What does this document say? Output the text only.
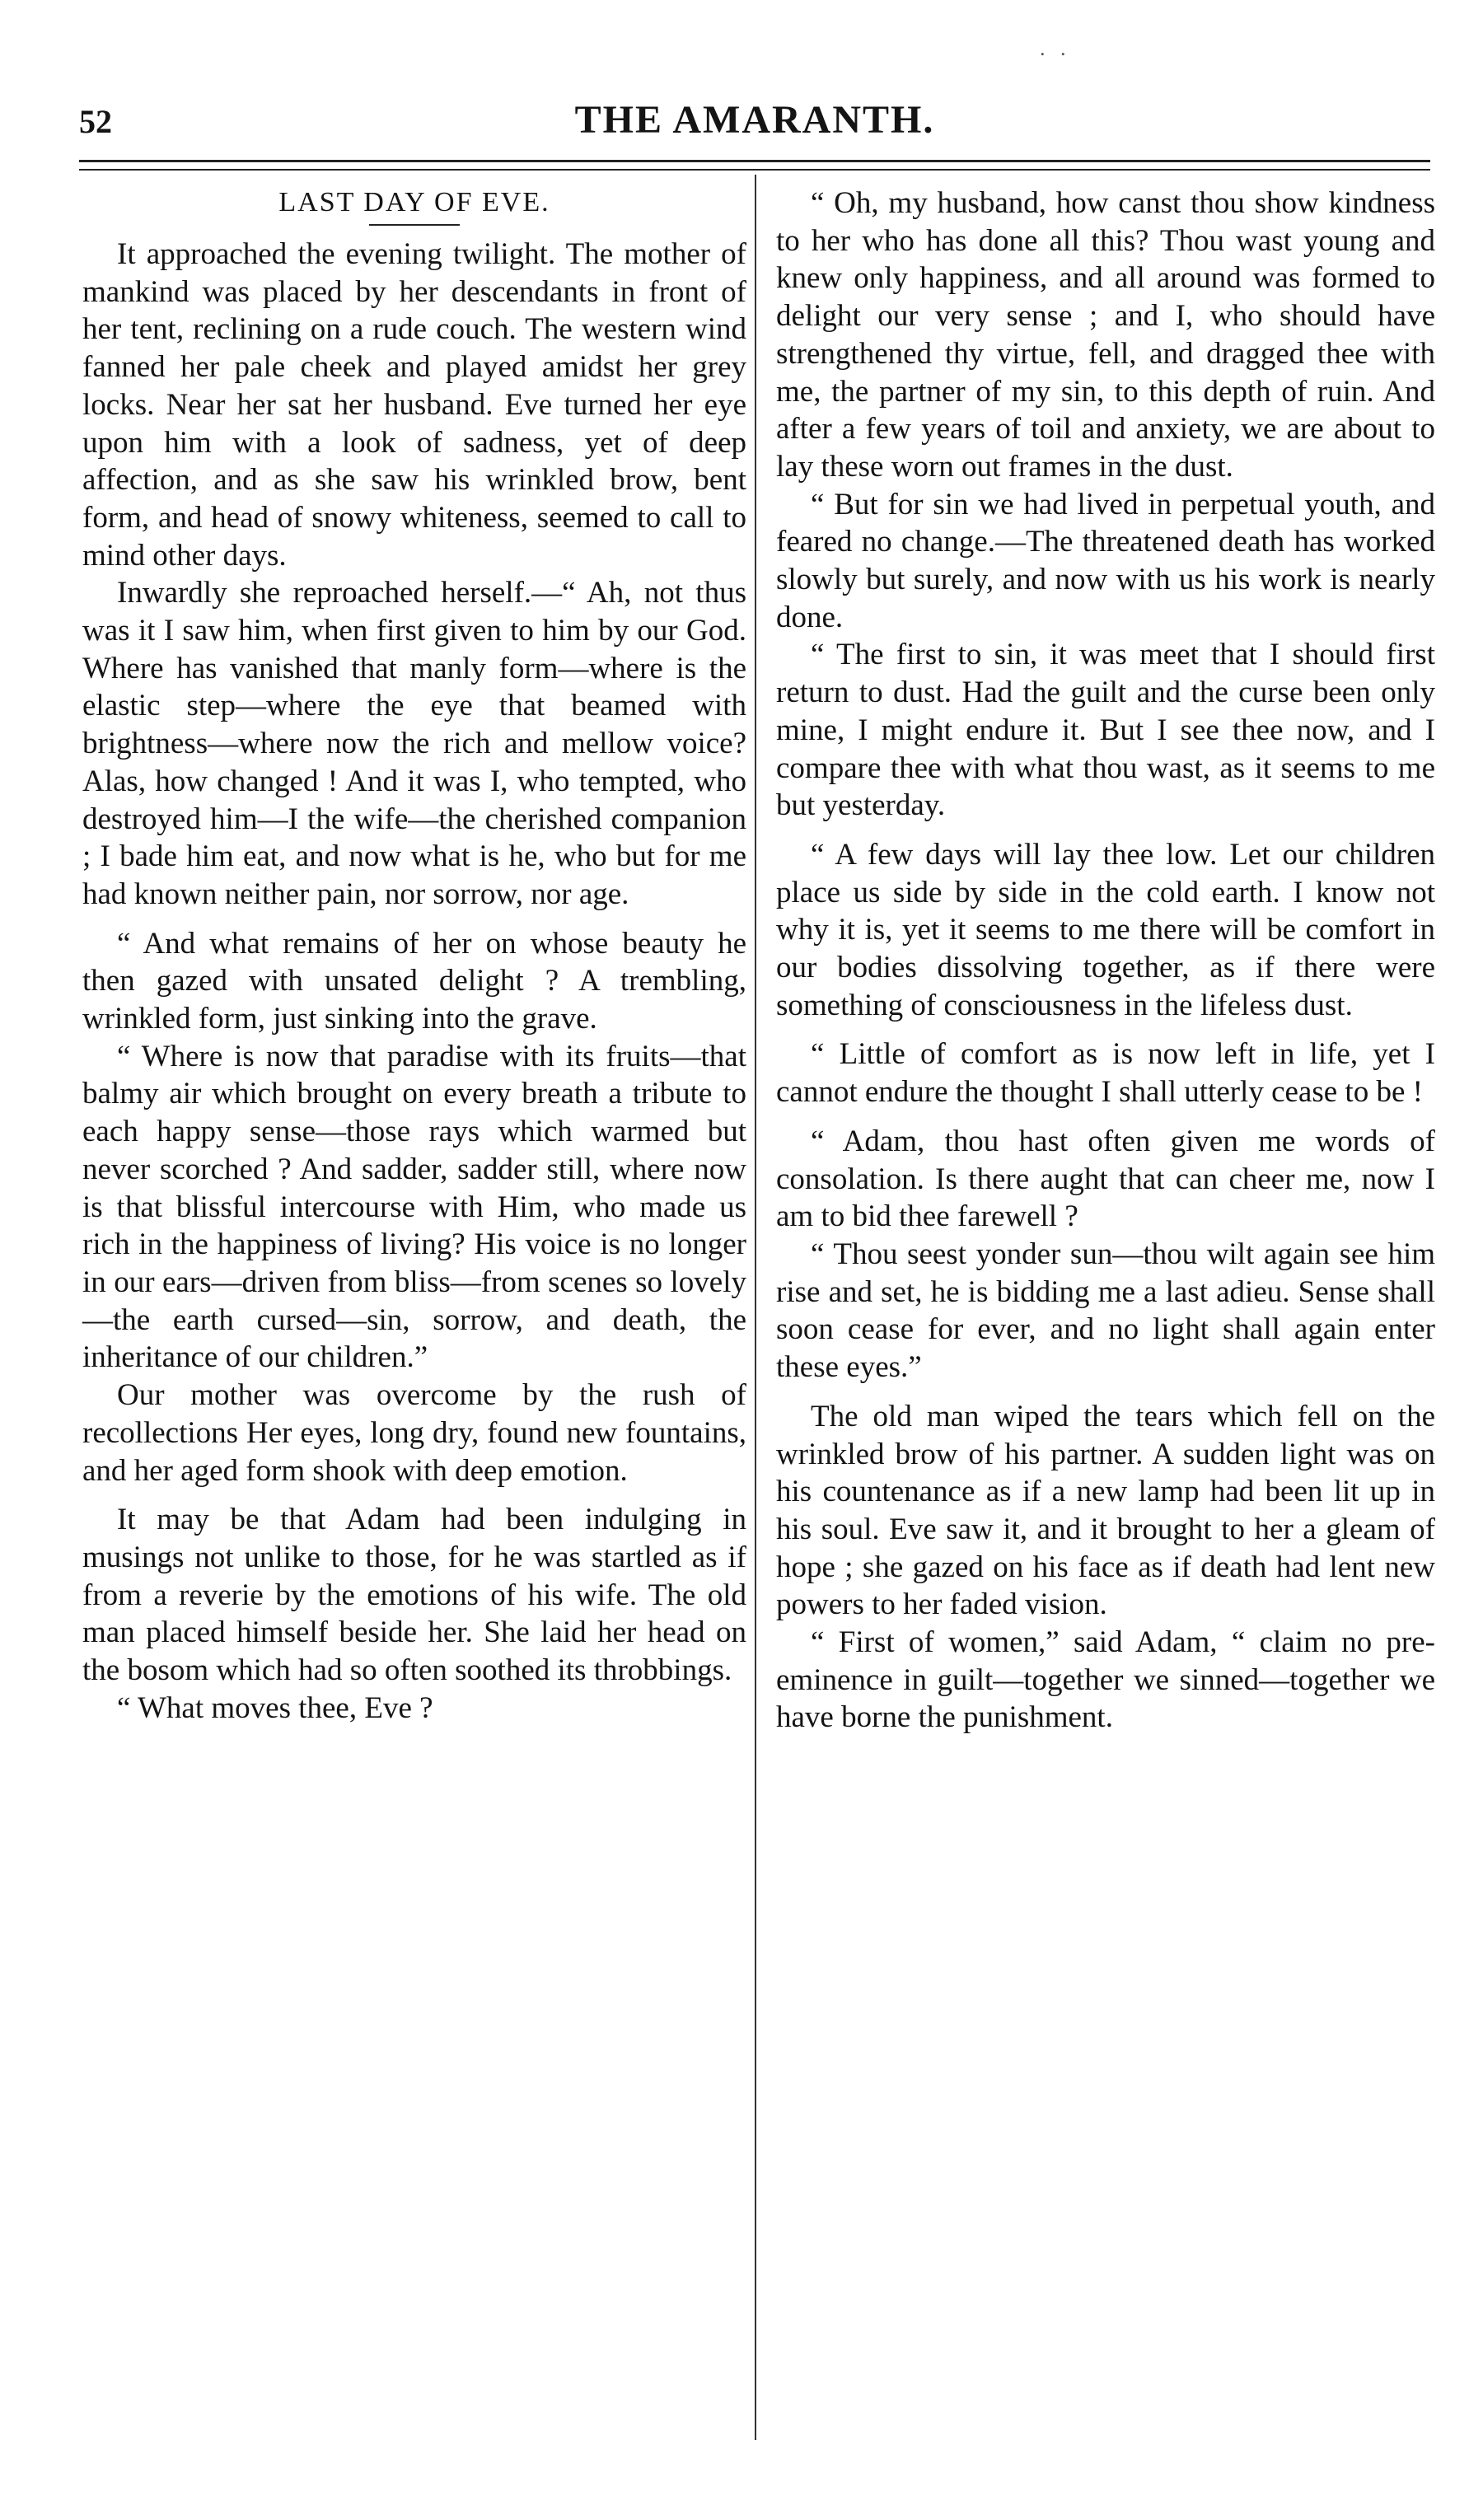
. .
52	THE AMARANTH.
LAST DAY OF EVE.

It approached the evening twilight. The mother of mankind was placed by her descendants in front of her tent, reclining on a rude couch. The western wind fanned her pale cheek and played amidst her grey locks. Near her sat her husband. Eve turned her eye upon him with a look of sadness, yet of deep affection, and as she saw his wrinkled brow, bent form, and head of snowy whiteness, seemed to call to mind other days.

Inwardly she reproached herself.—“ Ah, not thus was it I saw him, when first given to him by our God. Where has vanished that manly form—where is the elastic step—where the eye that beamed with brightness—where now the rich and mellow voice? Alas, how changed ! And it was I, who tempted, who destroyed him—I the wife—the cherished companion ; I bade him eat, and now what is he, who but for me had known neither pain, nor sorrow, nor age.

“ And what remains of her on whose beauty he then gazed with unsated delight ? A trembling, wrinkled form, just sinking into the grave.

“ Where is now that paradise with its fruits—that balmy air which brought on every breath a tribute to each happy sense—those rays which warmed but never scorched ? And sadder, sadder still, where now is that blissful intercourse with Him, who made us rich in the happiness of living? His voice is no longer in our ears—driven from bliss—from scenes so lovely—the earth cursed—sin, sorrow, and death, the inheritance of our children.”

Our mother was overcome by the rush of recollections Her eyes, long dry, found new fountains, and her aged form shook with deep emotion.

It may be that Adam had been indulging in musings not unlike to those, for he was startled as if from a reverie by the emotions of his wife. The old man placed himself beside her. She laid her head on the bosom which had so often soothed its throbbings.

“ What moves thee, Eve ?

“ Oh, my husband, how canst thou show kindness to her who has done all this? Thou wast young and knew only happiness, and all around was formed to delight our very sense ; and I, who should have strengthened thy virtue, fell, and dragged thee with me, the partner of my sin, to this depth of ruin. And after a few years of toil and anxiety, we are about to lay these worn out frames in the dust.

“ But for sin we had lived in perpetual youth, and feared no change.—The threatened death has worked slowly but surely, and now with us his work is nearly done.

“ The first to sin, it was meet that I should first return to dust. Had the guilt and the curse been only mine, I might endure it. But I see thee now, and I compare thee with what thou wast, as it seems to me but yesterday.

“ A few days will lay thee low. Let our children place us side by side in the cold earth. I know not why it is, yet it seems to me there will be comfort in our bodies dissolving together, as if there were something of consciousness in the lifeless dust.

“ Little of comfort as is now left in life, yet I cannot endure the thought I shall utterly cease to be !

“ Adam, thou hast often given me words of consolation. Is there aught that can cheer me, now I am to bid thee farewell ?

“ Thou seest yonder sun—thou wilt again see him rise and set, he is bidding me a last adieu. Sense shall soon cease for ever, and no light shall again enter these eyes.”

The old man wiped the tears which fell on the wrinkled brow of his partner. A sudden light was on his countenance as if a new lamp had been lit up in his soul. Eve saw it, and it brought to her a gleam of hope ; she gazed on his face as if death had lent new powers to her faded vision.

“ First of women,” said Adam, “ claim no pre-eminence in guilt—together we sinned—together we have borne the punishment.
